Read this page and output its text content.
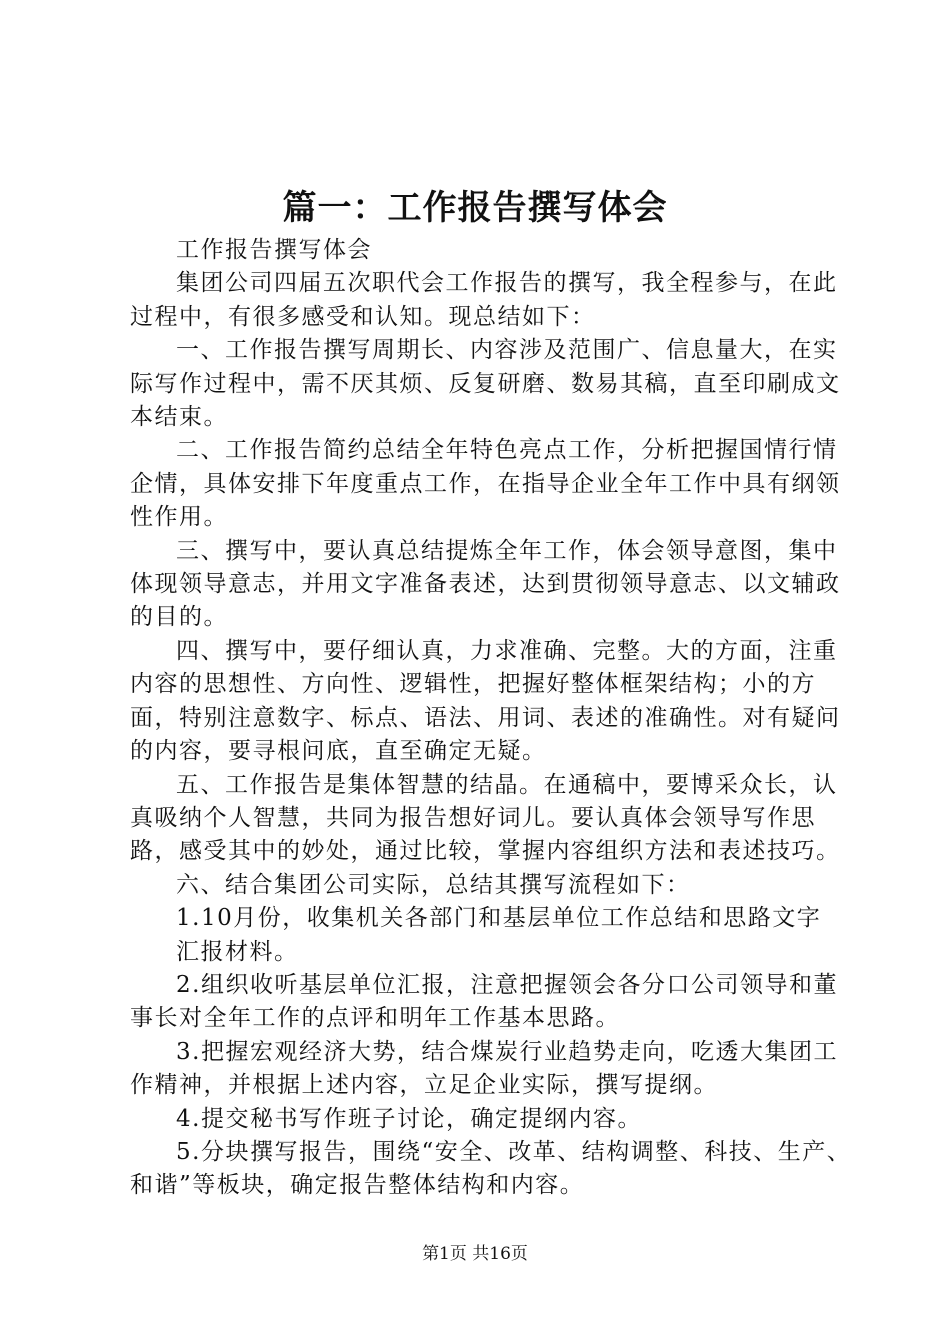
篇一：工作报告撰写体会

工作报告撰写体会

集团公司四届五次职代会工作报告的撰写，我全程参与，在此过程中，有很多感受和认知。现总结如下：

一、工作报告撰写周期长、内容涉及范围广、信息量大，在实际写作过程中，需不厌其烦、反复研磨、数易其稿，直至印刷成文本结束。

二、工作报告简约总结全年特色亮点工作，分析把握国情行情企情，具体安排下年度重点工作，在指导企业全年工作中具有纲领性作用。

三、撰写中，要认真总结提炼全年工作，体会领导意图，集中体现领导意志，并用文字准备表述，达到贯彻领导意志、以文辅政的目的。

四、撰写中，要仔细认真，力求准确、完整。大的方面，注重内容的思想性、方向性、逻辑性，把握好整体框架结构；小的方面，特别注意数字、标点、语法、用词、表述的准确性。对有疑问的内容，要寻根问底，直至确定无疑。

五、工作报告是集体智慧的结晶。在通稿中，要博采众长，认真吸纳个人智慧，共同为报告想好词儿。要认真体会领导写作思路，感受其中的妙处，通过比较，掌握内容组织方法和表述技巧。

六、结合集团公司实际，总结其撰写流程如下：

1.10月份，收集机关各部门和基层单位工作总结和思路文字

汇报材料。

2.组织收听基层单位汇报，注意把握领会各分口公司领导和董事长对全年工作的点评和明年工作基本思路。

3.把握宏观经济大势，结合煤炭行业趋势走向，吃透大集团工作精神，并根据上述内容，立足企业实际，撰写提纲。

4.提交秘书写作班子讨论，确定提纲内容。

5.分块撰写报告，围绕“安全、改革、结构调整、科技、生产、和谐”等板块，确定报告整体结构和内容。

第1页 共16页
